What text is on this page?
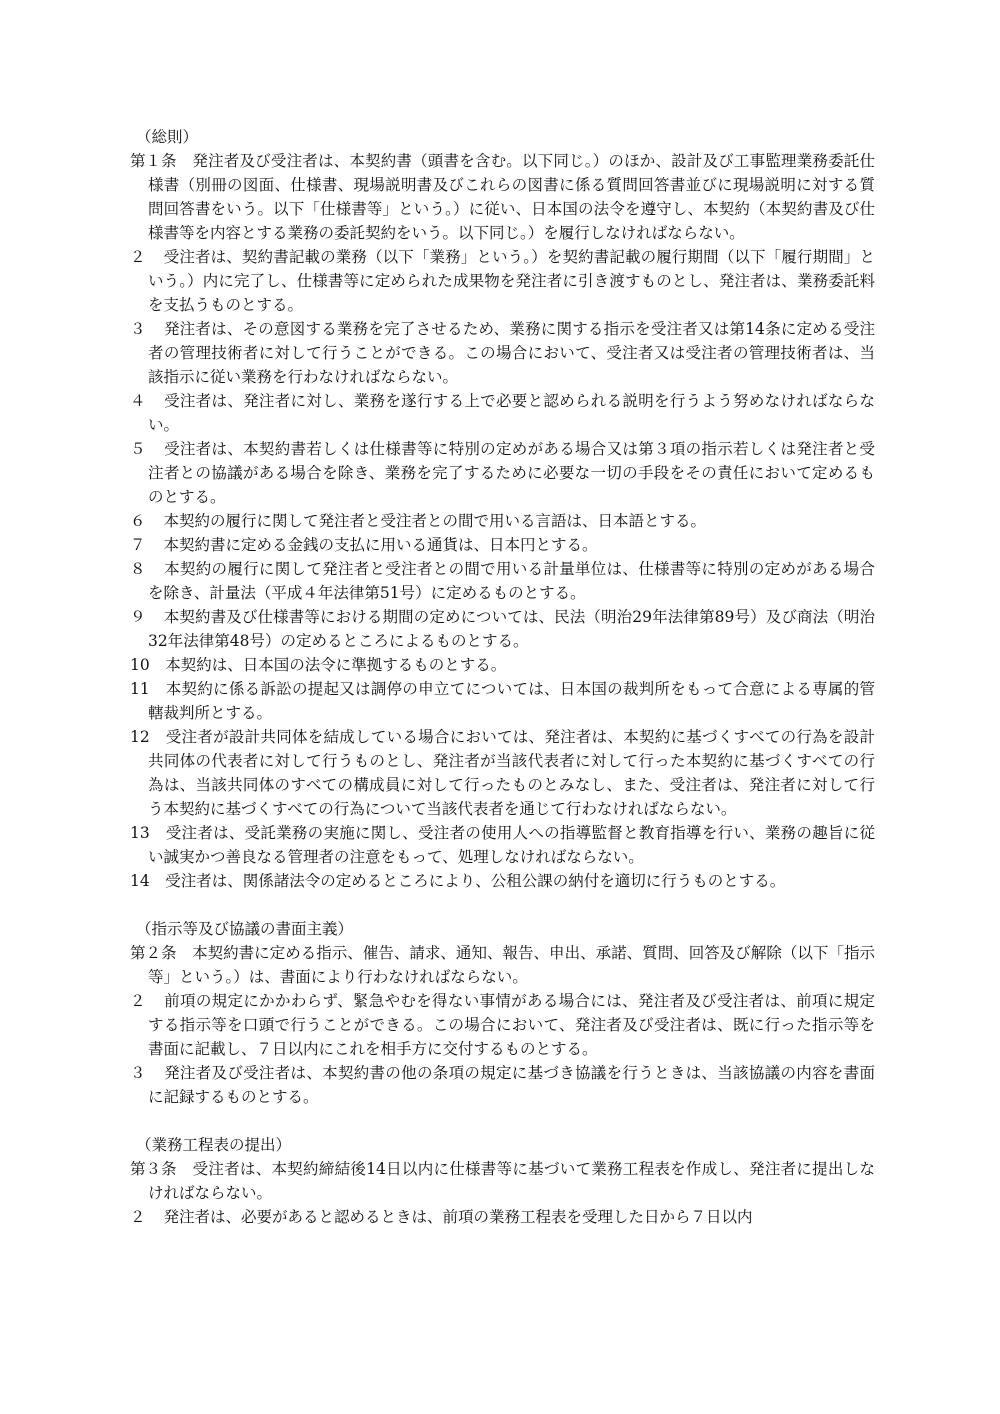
（総則）
第１条　 発注者及び受注者は、本契約書（頭書を含む。以下同じ。）のほか、設計及び工事監理業務委託仕様書（別冊の図面、仕様書、現場説明書及びこれらの図書に係る質問回答書並びに現場説明に対する質問回答書をいう。以下「仕様書等」という。）に従い、日本国の法令を遵守し、本契約（本契約書及び仕様書等を内容とする業務の委託契約をいう。以下同じ。）を履行しなければならない。
２　 受注者は、契約書記載の業務（以下「業務」という。）を契約書記載の履行期間（以下「履行期間」という。）内に完了し、仕様書等に定められた成果物を発注者に引き渡すものとし、発注者は、業務委託料を支払うものとする。
３　 発注者は、その意図する業務を完了させるため、業務に関する指示を受注者又は第14条に定める受注者の管理技術者に対して行うことができる。この場合において、受注者又は受注者の管理技術者は、当該指示に従い業務を行わなければならない。
４　 受注者は、発注者に対し、業務を遂行する上で必要と認められる説明を行うよう努めなければならない。
５　 受注者は、本契約書若しくは仕様書等に特別の定めがある場合又は第３項の指示若しくは発注者と受注者との協議がある場合を除き、業務を完了するために必要な一切の手段をその責任において定めるものとする。
６　 本契約の履行に関して発注者と受注者との間で用いる言語は、日本語とする。
７　 本契約書に定める金銭の支払に用いる通貨は、日本円とする。
８　 本契約の履行に関して発注者と受注者との間で用いる計量単位は、仕様書等に特別の定めがある場合を除き、計量法（平成４年法律第51号）に定めるものとする。
９　 本契約書及び仕様書等における期間の定めについては、民法（明治29年法律第89号）及び商法（明治32年法律第48号）の定めるところによるものとする。
10　 本契約は、日本国の法令に準拠するものとする。
11　 本契約に係る訴訟の提起又は調停の申立てについては、日本国の裁判所をもって合意による専属的管轄裁判所とする。
12　 受注者が設計共同体を結成している場合においては、発注者は、本契約に基づくすべての行為を設計共同体の代表者に対して行うものとし、発注者が当該代表者に対して行った本契約に基づくすべての行為は、当該共同体のすべての構成員に対して行ったものとみなし、また、受注者は、発注者に対して行う本契約に基づくすべての行為について当該代表者を通じて行わなければならない。
13　 受注者は、受託業務の実施に関し、受注者の使用人への指導監督と教育指導を行い、業務の趣旨に従い誠実かつ善良なる管理者の注意をもって、処理しなければならない。
14　 受注者は、関係諸法令の定めるところにより、公租公課の納付を適切に行うものとする。
（指示等及び協議の書面主義）
第２条　 本契約書に定める指示、催告、請求、通知、報告、申出、承諾、質問、回答及び解除（以下「指示等」という。）は、書面により行わなければならない。
２　 前項の規定にかかわらず、緊急やむを得ない事情がある場合には、発注者及び受注者は、前項に規定する指示等を口頭で行うことができる。この場合において、発注者及び受注者は、既に行った指示等を書面に記載し、７日以内にこれを相手方に交付するものとする。
３　 発注者及び受注者は、本契約書の他の条項の規定に基づき協議を行うときは、当該協議の内容を書面に記録するものとする。
（業務工程表の提出）
第３条　 受注者は、本契約締結後14日以内に仕様書等に基づいて業務工程表を作成し、発注者に提出しなければならない。
２　 発注者は、必要があると認めるときは、前項の業務工程表を受理した日から７日以内
